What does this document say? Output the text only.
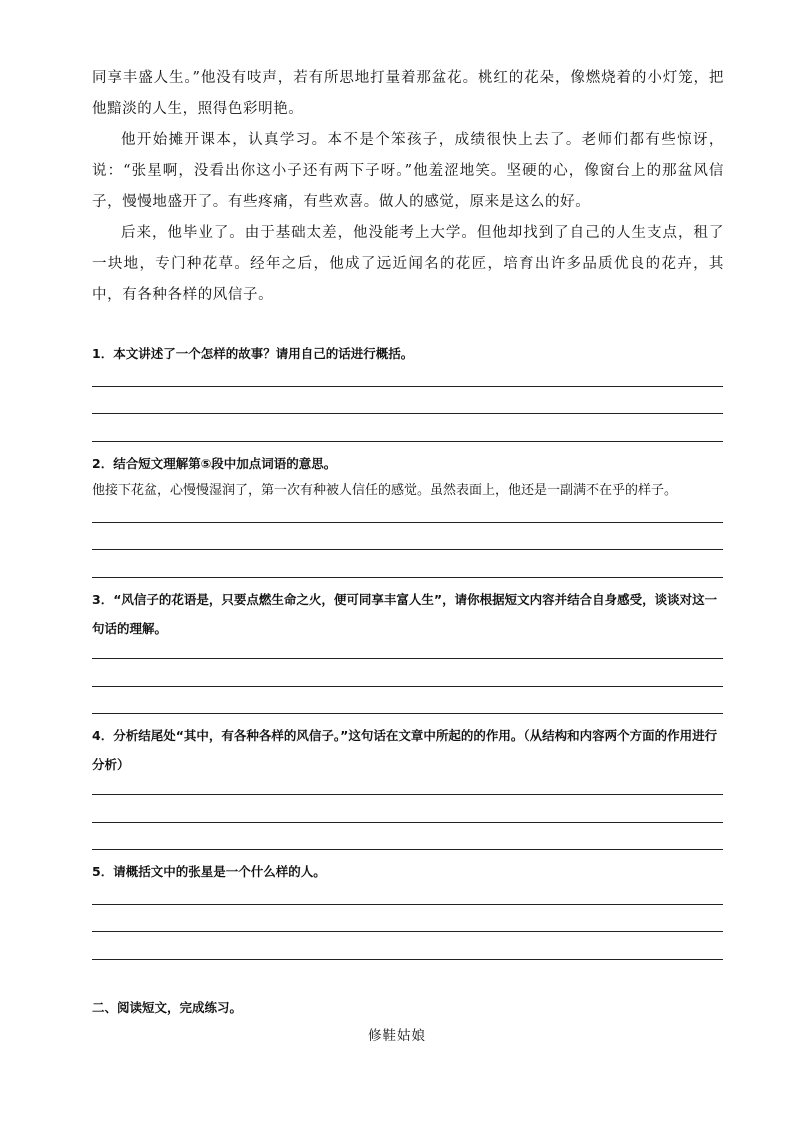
同享丰盛人生。”他没有吱声，若有所思地打量着那盆花。桃红的花朵，像燃烧着的小灯笼，把他黯淡的人生，照得色彩明艳。

他开始摊开课本，认真学习。本不是个笨孩子，成绩很快上去了。老师们都有些惊讶，说：“张星啊，没看出你这小子还有两下子呀。”他羞涩地笑。坚硬的心，像窗台上的那盆风信子，慢慢地盛开了。有些疼痛，有些欢喜。做人的感觉，原来是这么的好。

后来，他毕业了。由于基础太差，他没能考上大学。但他却找到了自己的人生支点，租了一块地，专门种花草。经年之后，他成了远近闻名的花匠，培育出许多品质优良的花卉，其中，有各种各样的风信子。

1．本文讲述了一个怎样的故事？请用自己的话进行概括。

2．结合短文理解第⑤段中加点词语的意思。

他接下花盆，心慢慢湿润了，第一次有种被人信任的感觉。虽然表面上，他还是一副满不在乎的样子。

3．“风信子的花语是，只要点燃生命之火，便可同享丰富人生”，请你根据短文内容并结合自身感受，谈谈对这一句话的理解。

4．分析结尾处“其中，有各种各样的风信子。”这句话在文章中所起的的作用。（从结构和内容两个方面的作用进行分析）

5．请概括文中的张星是一个什么样的人。

二、阅读短文，完成练习。

修鞋姑娘
